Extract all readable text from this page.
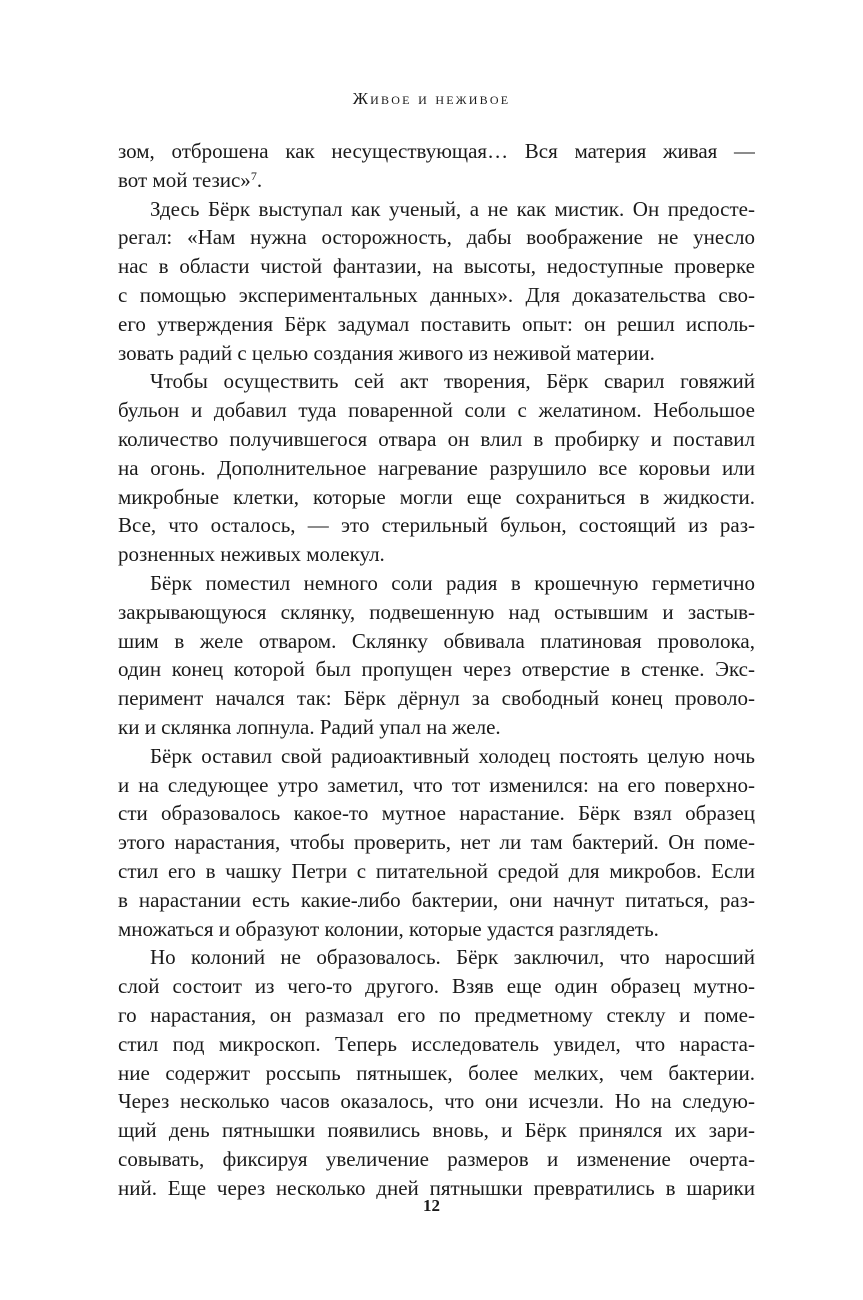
Живое и неживое
зом, отброшена как несуществующая… Вся материя живая —
вот мой тезис»$^7$.
Здесь Бёрк выступал как ученый, а не как мистик. Он предосте-
регал: «Нам нужна осторожность, дабы воображение не унесло
нас в области чистой фантазии, на высоты, недоступные проверке
с помощью экспериментальных данных». Для доказательства сво-
его утверждения Бёрк задумал поставить опыт: он решил исполь-
зовать радий с целью создания живого из неживой материи.
Чтобы осуществить сей акт творения, Бёрк сварил говяжий
бульон и добавил туда поваренной соли с желатином. Небольшое
количество получившегося отвара он влил в пробирку и поставил
на огонь. Дополнительное нагревание разрушило все коровьи или
микробные клетки, которые могли еще сохраниться в жидкости.
Все, что осталось, — это стерильный бульон, состоящий из раз-
розненных неживых молекул.
Бёрк поместил немного соли радия в крошечную герметично
закрывающуюся склянку, подвешенную над остывшим и застыв-
шим в желе отваром. Склянку обвивала платиновая проволока,
один конец которой был пропущен через отверстие в стенке. Экс-
перимент начался так: Бёрк дёрнул за свободный конец проволо-
ки и склянка лопнула. Радий упал на желе.
Бёрк оставил свой радиоактивный холодец постоять целую ночь
и на следующее утро заметил, что тот изменился: на его поверхно-
сти образовалось какое-то мутное нарастание. Бёрк взял образец
этого нарастания, чтобы проверить, нет ли там бактерий. Он поме-
стил его в чашку Петри с питательной средой для микробов. Если
в нарастании есть какие-либо бактерии, они начнут питаться, раз-
множаться и образуют колонии, которые удастся разглядеть.
Но колоний не образовалось. Бёрк заключил, что наросший
слой состоит из чего-то другого. Взяв еще один образец мутно-
го нарастания, он размазал его по предметному стеклу и поме-
стил под микроскоп. Теперь исследователь увидел, что нараста-
ние содержит россыпь пятнышек, более мелких, чем бактерии.
Через несколько часов оказалось, что они исчезли. Но на следую-
щий день пятнышки появились вновь, и Бёрк принялся их зари-
совывать, фиксируя увеличение размеров и изменение очерта-
ний. Еще через несколько дней пятнышки превратились в шарики
12
